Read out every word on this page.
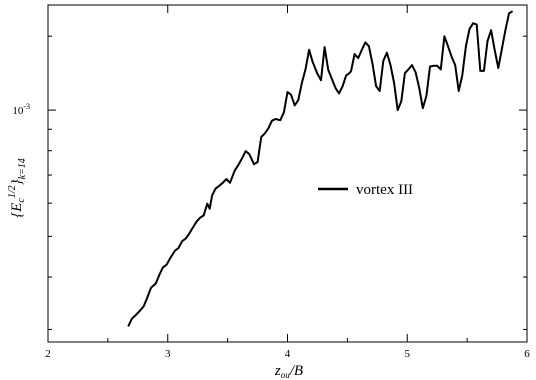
2	3	4	5	6
$10^{-3}$
vortex III
$z_{ou}/B$
$\{E_c^{1/2}\}_{k=14}$
